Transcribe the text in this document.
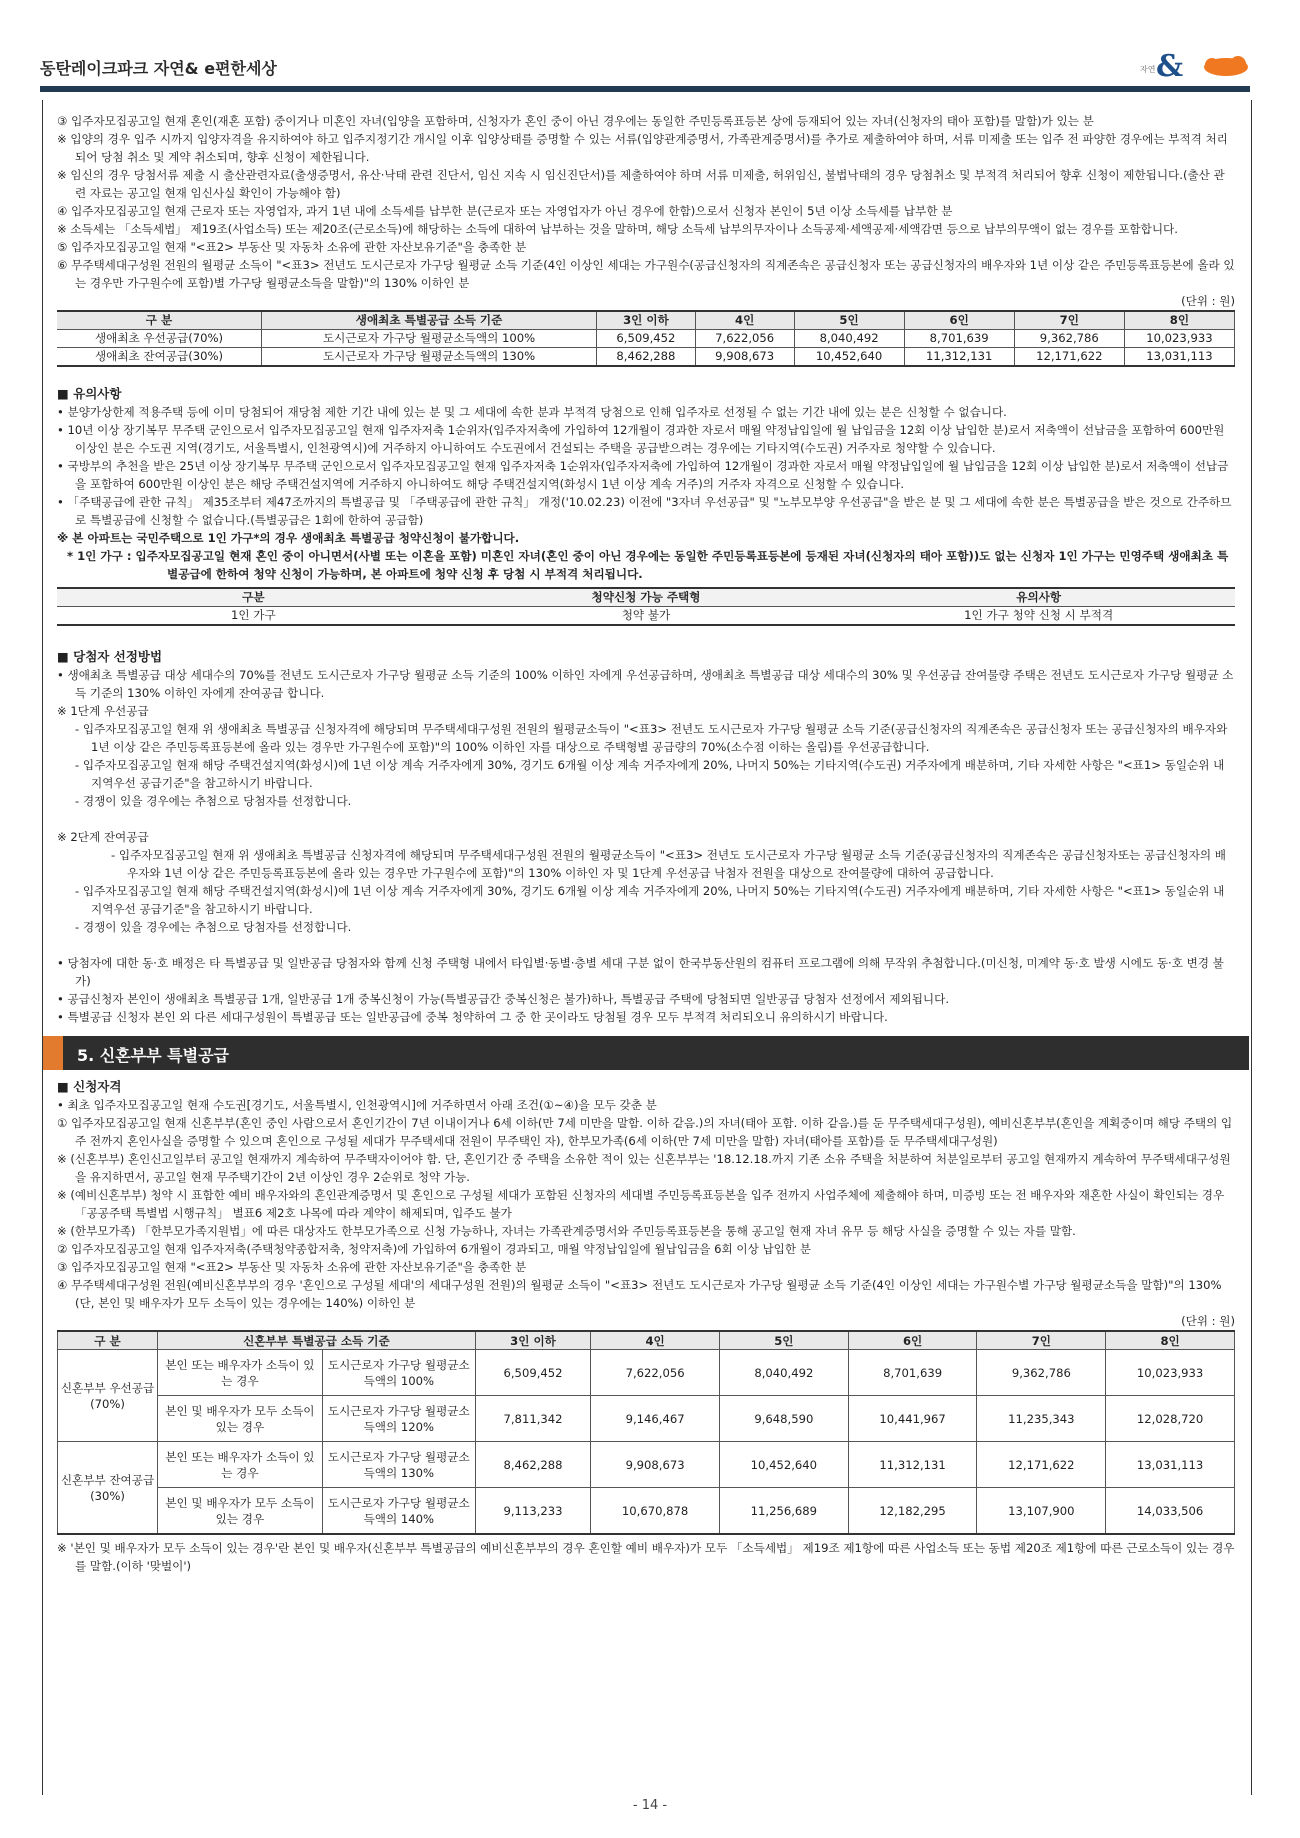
동탄레이크파크 자연& e편한세상	자연 &
③ 입주자모집공고일 현재 혼인(재혼 포함) 중이거나 미혼인 자녀(입양을 포함하며, 신청자가 혼인 중이 아닌 경우에는 동일한 주민등록표등본 상에 등재되어 있는 자녀(신청자의 태아 포함)를 말함)가 있는 분
※ 입양의 경우 입주 시까지 입양자격을 유지하여야 하고 입주지정기간 개시일 이후 입양상태를 증명할 수 있는 서류(입양관계증명서, 가족관계증명서)를 추가로 제출하여야 하며, 서류 미제출 또는 입주 전 파양한 경우에는 부적격 처리되어 당첨 취소 및 계약 취소되며, 향후 신청이 제한됩니다.
※ 임신의 경우 당첨서류 제출 시 출산관련자료(출생증명서, 유산·낙태 관련 진단서, 임신 지속 시 임신진단서)를 제출하여야 하며 서류 미제출, 허위임신, 불법낙태의 경우 당첨취소 및 부적격 처리되어 향후 신청이 제한됩니다.(출산 관련 자료는 공고일 현재 임신사실 확인이 가능해야 함)
④ 입주자모집공고일 현재 근로자 또는 자영업자, 과거 1년 내에 소득세를 납부한 분(근로자 또는 자영업자가 아닌 경우에 한함)으로서 신청자 본인이 5년 이상 소득세를 납부한 분
※ 소득세는 「소득세법」 제19조(사업소득) 또는 제20조(근로소득)에 해당하는 소득에 대하여 납부하는 것을 말하며, 해당 소득세 납부의무자이나 소득공제·세액공제·세액감면 등으로 납부의무액이 없는 경우를 포함합니다.
⑤ 입주자모집공고일 현재 "<표2> 부동산 및 자동차 소유에 관한 자산보유기준"을 충족한 분
⑥ 무주택세대구성원 전원의 월평균 소득이 "<표3> 전년도 도시근로자 가구당 월평균 소득 기준(4인 이상인 세대는 가구원수(공급신청자의 직계존속은 공급신청자 또는 공급신청자의 배우자와 1년 이상 같은 주민등록표등본에 올라 있는 경우만 가구원수에 포함)별 가구당 월평균소득을 말함)"의 130% 이하인 분
(단위 : 원)
구 분	생애최초 특별공급 소득 기준	3인 이하	4인	5인	6인	7인	8인
생애최초 우선공급(70%)	도시근로자 가구당 월평균소득액의 100%	6,509,452	7,622,056	8,040,492	8,701,639	9,362,786	10,023,933
생애최초 잔여공급(30%)	도시근로자 가구당 월평균소득액의 130%	8,462,288	9,908,673	10,452,640	11,312,131	12,171,622	13,031,113
■ 유의사항
• 분양가상한제 적용주택 등에 이미 당첨되어 재당첨 제한 기간 내에 있는 분 및 그 세대에 속한 분과 부적격 당첨으로 인해 입주자로 선정될 수 없는 기간 내에 있는 분은 신청할 수 없습니다.
• 10년 이상 장기복무 무주택 군인으로서 입주자모집공고일 현재 입주자저축 1순위자(입주자저축에 가입하여 12개월이 경과한 자로서 매월 약정납입일에 월 납입금을 12회 이상 납입한 분)로서 저축액이 선납금을 포함하여 600만원 이상인 분은 수도권 지역(경기도, 서울특별시, 인천광역시)에 거주하지 아니하여도 수도권에서 건설되는 주택을 공급받으려는 경우에는 기타지역(수도권) 거주자로 청약할 수 있습니다.
• 국방부의 추천을 받은 25년 이상 장기복무 무주택 군인으로서 입주자모집공고일 현재 입주자저축 1순위자(입주자저축에 가입하여 12개월이 경과한 자로서 매월 약정납입일에 월 납입금을 12회 이상 납입한 분)로서 저축액이 선납금을 포함하여 600만원 이상인 분은 해당 주택건설지역에 거주하지 아니하여도 해당 주택건설지역(화성시 1년 이상 계속 거주)의 거주자 자격으로 신청할 수 있습니다.
• 「주택공급에 관한 규칙」 제35조부터 제47조까지의 특별공급 및 「주택공급에 관한 규칙」 개정('10.02.23) 이전에 "3자녀 우선공급" 및 "노부모부양 우선공급"을 받은 분 및 그 세대에 속한 분은 특별공급을 받은 것으로 간주하므로 특별공급에 신청할 수 없습니다.(특별공급은 1회에 한하여 공급함)
※ 본 아파트는 국민주택으로 1인 가구*의 경우 생애최초 특별공급 청약신청이 불가합니다.
* 1인 가구 : 입주자모집공고일 현재 혼인 중이 아니면서(사별 또는 이혼을 포함) 미혼인 자녀(혼인 중이 아닌 경우에는 동일한 주민등록표등본에 등재된 자녀(신청자의 태아 포함))도 없는 신청자 1인 가구는 민영주택 생애최초 특별공급에 한하여 청약 신청이 가능하며, 본 아파트에 청약 신청 후 당첨 시 부적격 처리됩니다.
구분	청약신청 가능 주택형	유의사항
1인 가구	청약 불가	1인 가구 청약 신청 시 부적격
■ 당첨자 선정방법
• 생애최초 특별공급 대상 세대수의 70%를 전년도 도시근로자 가구당 월평균 소득 기준의 100% 이하인 자에게 우선공급하며, 생애최초 특별공급 대상 세대수의 30% 및 우선공급 잔여물량 주택은 전년도 도시근로자 가구당 월평균 소득 기준의 130% 이하인 자에게 잔여공급 합니다.
※ 1단계 우선공급
- 입주자모집공고일 현재 위 생애최초 특별공급 신청자격에 해당되며 무주택세대구성원 전원의 월평균소득이 "<표3> 전년도 도시근로자 가구당 월평균 소득 기준(공급신청자의 직계존속은 공급신청자 또는 공급신청자의 배우자와 1년 이상 같은 주민등록표등본에 올라 있는 경우만 가구원수에 포함)"의 100% 이하인 자를 대상으로 주택형별 공급량의 70%(소수점 이하는 올림)를 우선공급합니다.
- 입주자모집공고일 현재 해당 주택건설지역(화성시)에 1년 이상 계속 거주자에게 30%, 경기도 6개월 이상 계속 거주자에게 20%, 나머지 50%는 기타지역(수도권) 거주자에게 배분하며, 기타 자세한 사항은 "<표1> 동일순위 내 지역우선 공급기준"을 참고하시기 바랍니다.
- 경쟁이 있을 경우에는 추첨으로 당첨자를 선정합니다.
※ 2단계 잔여공급
- 입주자모집공고일 현재 위 생애최초 특별공급 신청자격에 해당되며 무주택세대구성원 전원의 월평균소득이 "<표3> 전년도 도시근로자 가구당 월평균 소득 기준(공급신청자의 직계존속은 공급신청자또는 공급신청자의 배우자와 1년 이상 같은 주민등록표등본에 올라 있는 경우만 가구원수에 포함)"의 130% 이하인 자 및 1단계 우선공급 낙첨자 전원을 대상으로 잔여물량에 대하여 공급합니다.
- 입주자모집공고일 현재 해당 주택건설지역(화성시)에 1년 이상 계속 거주자에게 30%, 경기도 6개월 이상 계속 거주자에게 20%, 나머지 50%는 기타지역(수도권) 거주자에게 배분하며, 기타 자세한 사항은 "<표1> 동일순위 내 지역우선 공급기준"을 참고하시기 바랍니다.
- 경쟁이 있을 경우에는 추첨으로 당첨자를 선정합니다.
• 당첨자에 대한 동·호 배정은 타 특별공급 및 일반공급 당첨자와 함께 신청 주택형 내에서 타입별·동별·층별 세대 구분 없이 한국부동산원의 컴퓨터 프로그램에 의해 무작위 추첨합니다.(미신청, 미계약 동·호 발생 시에도 동·호 변경 불가)
• 공급신청자 본인이 생애최초 특별공급 1개, 일반공급 1개 중복신청이 가능(특별공급간 중복신청은 불가)하나, 특별공급 주택에 당첨되면 일반공급 당첨자 선정에서 제외됩니다.
• 특별공급 신청자 본인 외 다른 세대구성원이 특별공급 또는 일반공급에 중복 청약하여 그 중 한 곳이라도 당첨될 경우 모두 부적격 처리되오니 유의하시기 바랍니다.
5. 신혼부부 특별공급
■ 신청자격
• 최초 입주자모집공고일 현재 수도권[경기도, 서울특별시, 인천광역시]에 거주하면서 아래 조건(①~④)을 모두 갖춘 분
① 입주자모집공고일 현재 신혼부부(혼인 중인 사람으로서 혼인기간이 7년 이내이거나 6세 이하(만 7세 미만을 말함. 이하 같음.)의 자녀(태아 포함. 이하 같음.)를 둔 무주택세대구성원), 예비신혼부부(혼인을 계획중이며 해당 주택의 입주 전까지 혼인사실을 증명할 수 있으며 혼인으로 구성될 세대가 무주택세대 전원이 무주택인 자), 한부모가족(6세 이하(만 7세 미만을 말함) 자녀(태아를 포함)를 둔 무주택세대구성원)
※ (신혼부부) 혼인신고일부터 공고일 현재까지 계속하여 무주택자이어야 함. 단, 혼인기간 중 주택을 소유한 적이 있는 신혼부부는 '18.12.18.까지 기존 소유 주택을 처분하여 처분일로부터 공고일 현재까지 계속하여 무주택세대구성원을 유지하면서, 공고일 현재 무주택기간이 2년 이상인 경우 2순위로 청약 가능.
※ (예비신혼부부) 청약 시 표함한 예비 배우자와의 혼인관계증명서 및 혼인으로 구성될 세대가 포함된 신청자의 세대별 주민등록표등본을 입주 전까지 사업주체에 제출해야 하며, 미증빙 또는 전 배우자와 재혼한 사실이 확인되는 경우 「공공주택 특별법 시행규칙」 별표6 제2호 나목에 따라 계약이 해제되며, 입주도 불가
※ (한부모가족) 「한부모가족지원법」에 따른 대상자도 한부모가족으로 신청 가능하나, 자녀는 가족관계증명서와 주민등록표등본을 통해 공고일 현재 자녀 유무 등 해당 사실을 증명할 수 있는 자를 말함.
② 입주자모집공고일 현재 입주자저축(주택청약종합저축, 청약저축)에 가입하여 6개월이 경과되고, 매월 약정납입일에 월납입금을 6회 이상 납입한 분
③ 입주자모집공고일 현재 "<표2> 부동산 및 자동차 소유에 관한 자산보유기준"을 충족한 분
④ 무주택세대구성원 전원(예비신혼부부의 경우 '혼인으로 구성될 세대'의 세대구성원 전원)의 월평균 소득이 "<표3> 전년도 도시근로자 가구당 월평균 소득 기준(4인 이상인 세대는 가구원수별 가구당 월평균소득을 말함)"의 130%(단, 본인 및 배우자가 모두 소득이 있는 경우에는 140%) 이하인 분
(단위 : 원)
구 분	신혼부부 특별공급 소득 기준		3인 이하	4인	5인	6인	7인	8인
신혼부부 우선공급(70%)	본인 또는 배우자가 소득이 있는 경우	도시근로자 가구당 월평균소득액의 100%	6,509,452	7,622,056	8,040,492	8,701,639	9,362,786	10,023,933
	본인 및 배우자가 모두 소득이 있는 경우	도시근로자 가구당 월평균소득액의 120%	7,811,342	9,146,467	9,648,590	10,441,967	11,235,343	12,028,720
신혼부부 잔여공급(30%)	본인 또는 배우자가 소득이 있는 경우	도시근로자 가구당 월평균소득액의 130%	8,462,288	9,908,673	10,452,640	11,312,131	12,171,622	13,031,113
	본인 및 배우자가 모두 소득이 있는 경우	도시근로자 가구당 월평균소득액의 140%	9,113,233	10,670,878	11,256,689	12,182,295	13,107,900	14,033,506
※ '본인 및 배우자가 모두 소득이 있는 경우'란 본인 및 배우자(신혼부부 특별공급의 예비신혼부부의 경우 혼인할 예비 배우자)가 모두 「소득세법」 제19조 제1항에 따른 사업소득 또는 동법 제20조 제1항에 따른 근로소득이 있는 경우를 말함.(이하 '맞벌이')
- 14 -
